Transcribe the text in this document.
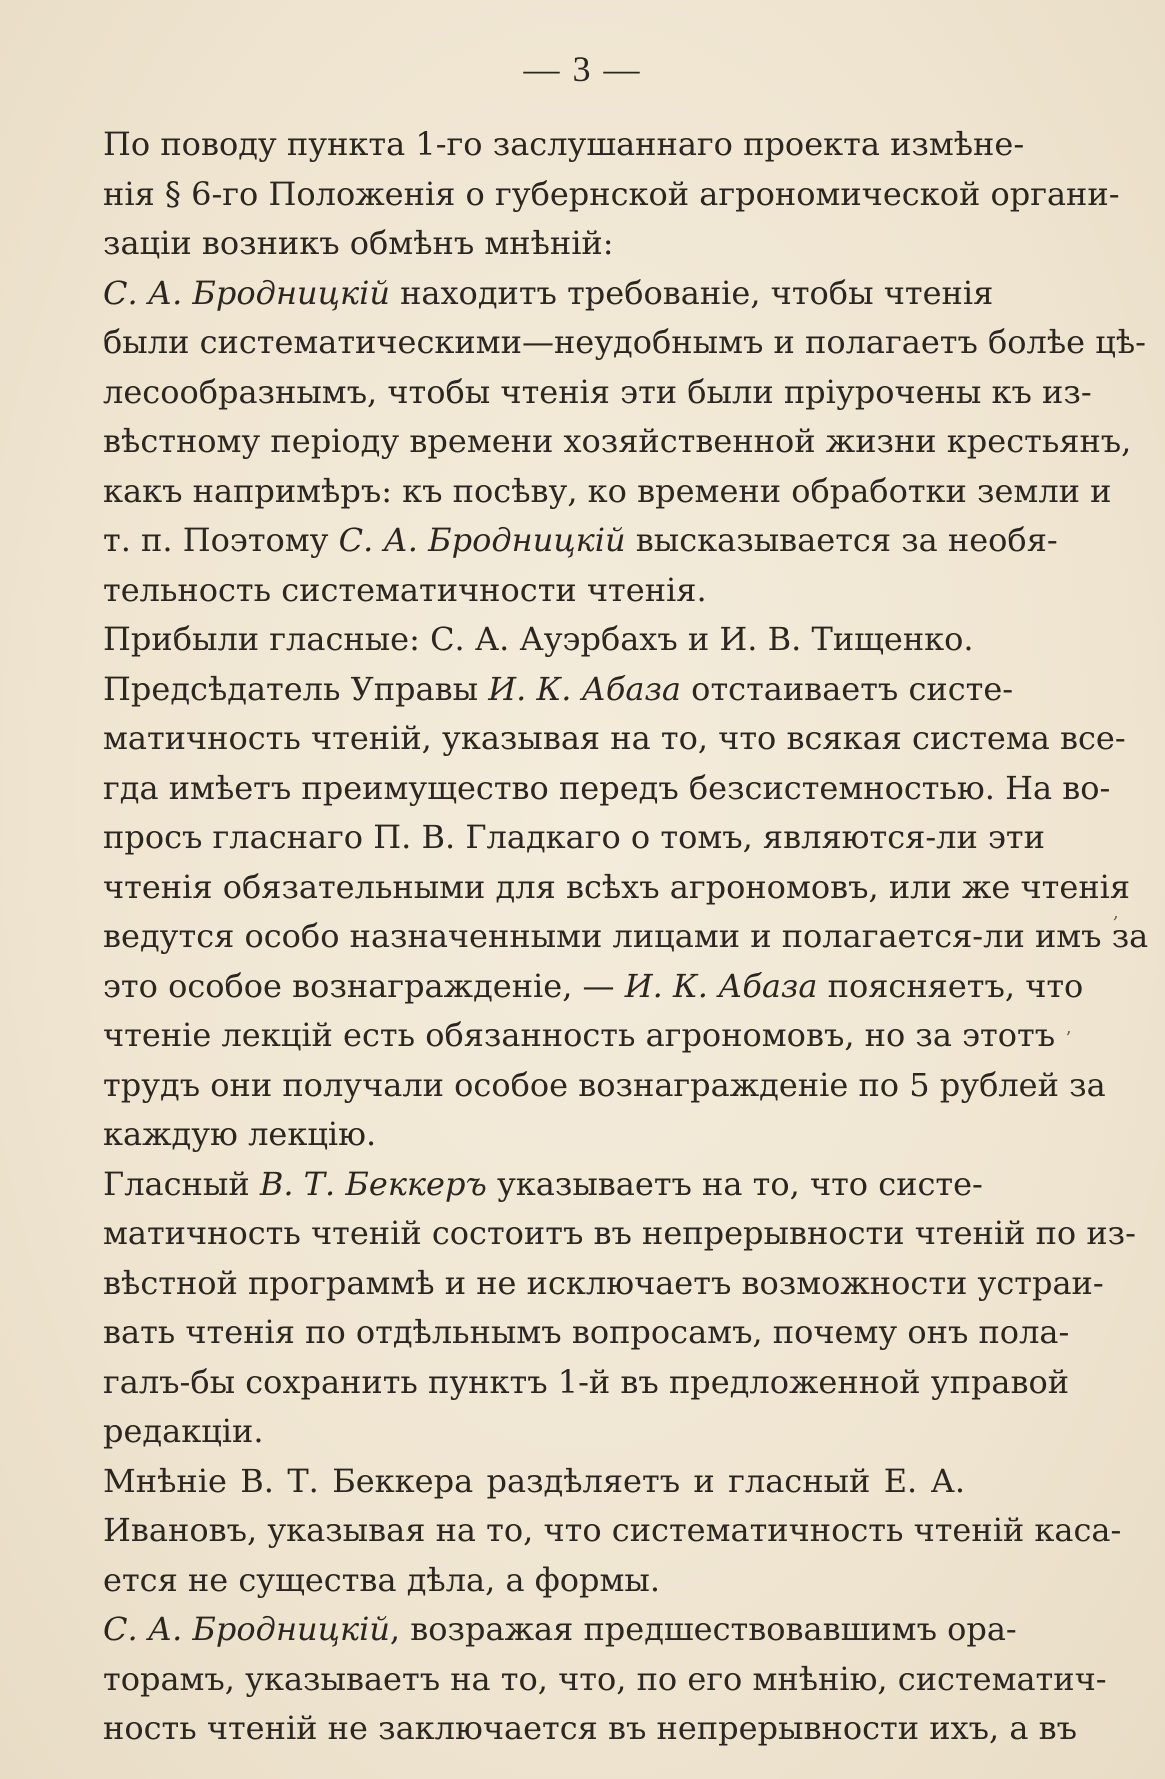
— 3 —
По поводу пункта 1-го заслушаннаго проекта измѣне-
нія § 6-го Положенія о губернской агрономической органи-
заціи возникъ обмѣнъ мнѣній:
С. А. Бродницкій находитъ требованіе, чтобы чтенія
были систематическими—неудобнымъ и полагаетъ болѣе цѣ-
лесообразнымъ, чтобы чтенія эти были пріурочены къ из-
вѣстному періоду времени хозяйственной жизни крестьянъ,
какъ напримѣръ: къ посѣву, ко времени обработки земли и
т. п. Поэтому С. А. Бродницкій высказывается за необя-
тельность систематичности чтенія.
Прибыли гласные: С. А. Ауэрбахъ и И. В. Тищенко.
Предсѣдатель Управы И. К. Абаза отстаиваетъ систе-
матичность чтеній, указывая на то, что всякая система все-
гда имѣетъ преимущество передъ безсистемностью. На во-
просъ гласнаго П. В. Гладкаго о томъ, являются-ли эти
чтенія обязательными для всѣхъ агрономовъ, или же чтенія
ведутся особо назначенными лицами и полагается-ли имъ за
это особое вознагражденіе, — И. К. Абаза поясняетъ, что
чтеніе лекцій есть обязанность агрономовъ, но за этотъ
трудъ они получали особое вознагражденіе по 5 рублей за
каждую лекцію.
Гласный В. Т. Беккеръ указываетъ на то, что систе-
матичность чтеній состоитъ въ непрерывности чтеній по из-
вѣстной программѣ и не исключаетъ возможности устраи-
вать чтенія по отдѣльнымъ вопросамъ, почему онъ пола-
галъ-бы сохранить пунктъ 1-й въ предложенной управой
редакціи.
Мнѣніе В. Т. Беккера раздѣляетъ и гласный Е. А.
Ивановъ, указывая на то, что систематичность чтеній каса-
ется не существа дѣла, а формы.
С. А. Бродницкій, возражая предшествовавшимъ ора-
торамъ, указываетъ на то, что, по его мнѣнію, систематич-
ность чтеній не заключается въ непрерывности ихъ, а въ
,
ʼ
